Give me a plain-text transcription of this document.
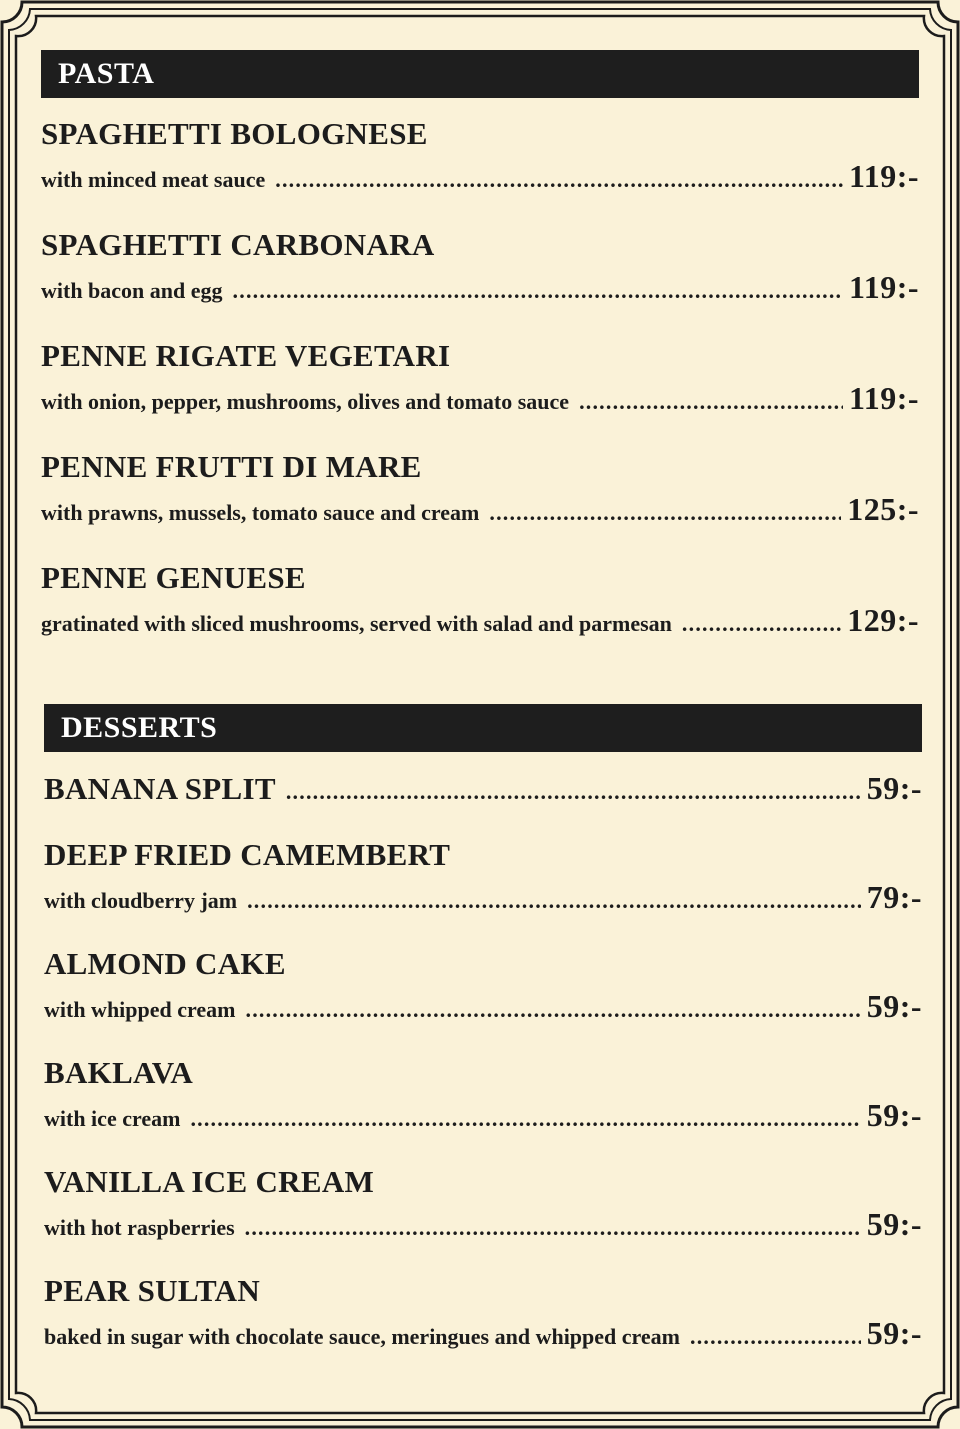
PASTA
SPAGHETTI BOLOGNESE
with minced meat sauce .....	119:-
SPAGHETTI CARBONARA
with bacon and egg .....	119:-
PENNE RIGATE VEGETARI
with onion, pepper, mushrooms, olives and tomato sauce .....	119:-
PENNE FRUTTI DI MARE
with prawns, mussels, tomato sauce and cream .....	125:-
PENNE GENUESE
gratinated with sliced mushrooms, served with salad and parmesan .....	129:-
DESSERTS
BANANA SPLIT .....	59:-
DEEP FRIED CAMEMBERT
with cloudberry jam .....	79:-
ALMOND CAKE
with whipped cream .....	59:-
BAKLAVA
with ice cream .....	59:-
VANILLA ICE CREAM
with hot raspberries .....	59:-
PEAR SULTAN
baked in sugar with chocolate sauce, meringues and whipped cream .....	59:-
